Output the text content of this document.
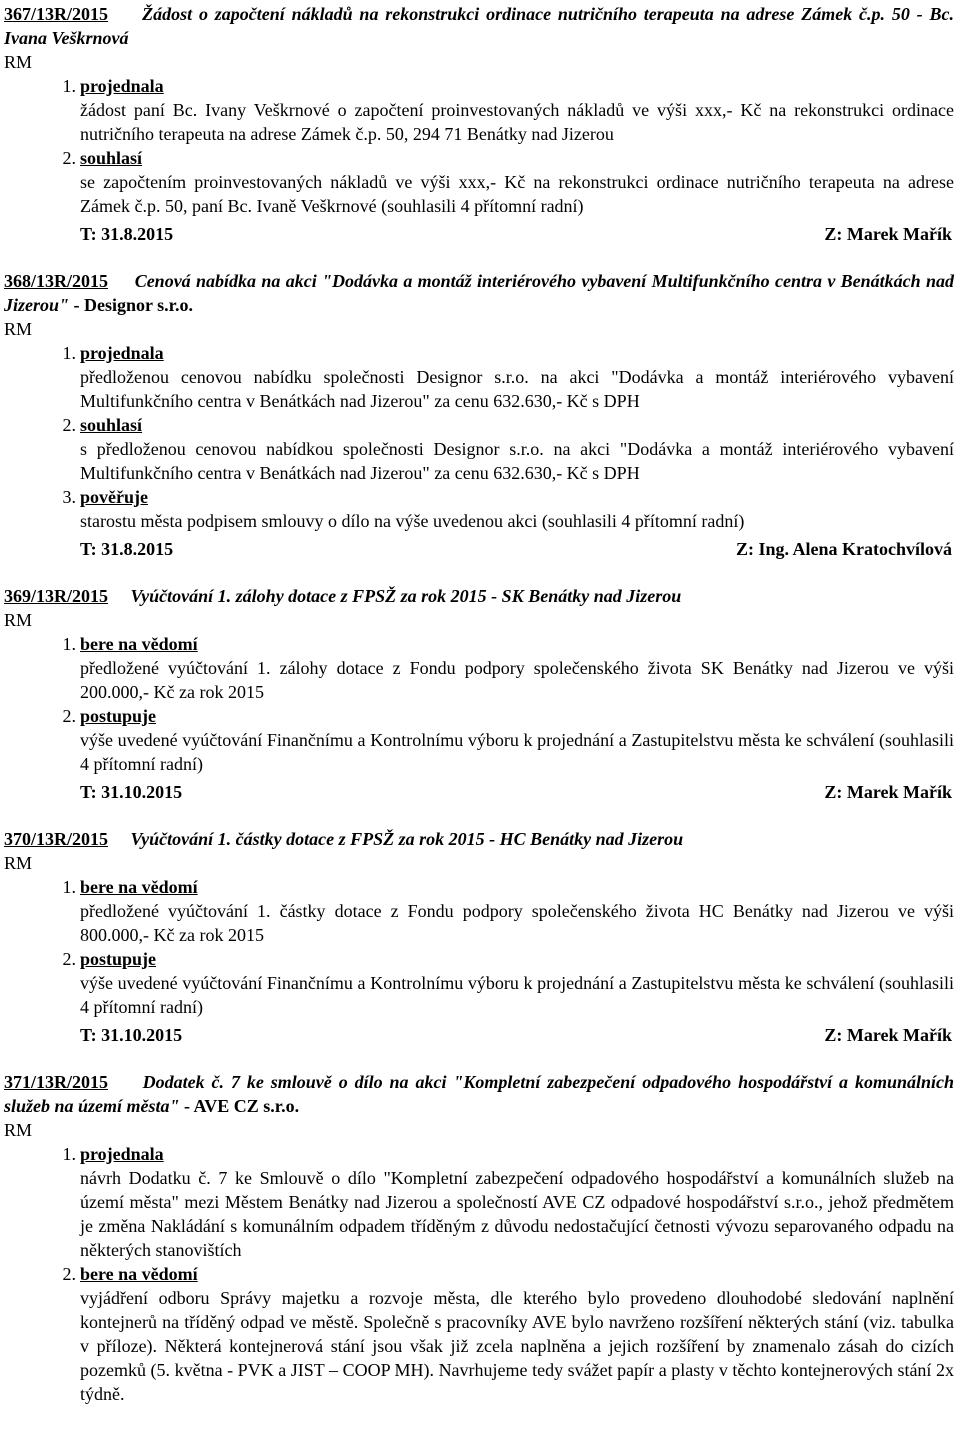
367/13R/2015 Žádost o započtení nákladů na rekonstrukci ordinace nutričního terapeuta na adrese Zámek č.p. 50 - Bc. Ivana Veškrnová

RM

1. projednala

žádost paní Bc. Ivany Veškrnové o započtení proinvestovaných nákladů ve výši xxx,- Kč na rekonstrukci ordinace nutričního terapeuta na adrese Zámek č.p. 50, 294 71 Benátky nad Jizerou

2. souhlasí

se započtením proinvestovaných nákladů ve výši xxx,- Kč na rekonstrukci ordinace nutričního terapeuta na adrese Zámek č.p. 50, paní Bc. Ivaně Veškrnové (souhlasili 4 přítomní radní)

T: 31.8.2015	Z: Marek Mařík

368/13R/2015 Cenová nabídka na akci "Dodávka a montáž interiérového vybavení Multifunkčního centra v Benátkách nad Jizerou" - Designor s.r.o.

RM

1. projednala

předloženou cenovou nabídku společnosti Designor s.r.o. na akci "Dodávka a montáž interiérového vybavení Multifunkčního centra v Benátkách nad Jizerou" za cenu 632.630,- Kč s DPH

2. souhlasí

s předloženou cenovou nabídkou společnosti Designor s.r.o. na akci "Dodávka a montáž interiérového vybavení Multifunkčního centra v Benátkách nad Jizerou" za cenu 632.630,- Kč s DPH

3. pověřuje

starostu města podpisem smlouvy o dílo na výše uvedenou akci (souhlasili 4 přítomní radní)

T: 31.8.2015	Z: Ing. Alena Kratochvílová

369/13R/2015 Vyúčtování 1. zálohy dotace z FPSŽ za rok 2015 - SK Benátky nad Jizerou

RM

1. bere na vědomí

předložené vyúčtování 1. zálohy dotace z Fondu podpory společenského života SK Benátky nad Jizerou ve výši 200.000,- Kč za rok 2015

2. postupuje

výše uvedené vyúčtování Finančnímu a Kontrolnímu výboru k projednání a Zastupitelstvu města ke schválení (souhlasili 4 přítomní radní)

T: 31.10.2015	Z: Marek Mařík

370/13R/2015 Vyúčtování 1. částky dotace z FPSŽ za rok 2015 - HC Benátky nad Jizerou

RM

1. bere na vědomí

předložené vyúčtování 1. částky dotace z Fondu podpory společenského života HC Benátky nad Jizerou ve výši 800.000,- Kč za rok 2015

2. postupuje

výše uvedené vyúčtování Finančnímu a Kontrolnímu výboru k projednání a Zastupitelstvu města ke schválení (souhlasili 4 přítomní radní)

T: 31.10.2015	Z: Marek Mařík

371/13R/2015 Dodatek č. 7 ke smlouvě o dílo na akci "Kompletní zabezpečení odpadového hospodářství a komunálních služeb na území města" - AVE CZ s.r.o.

RM

1. projednala

návrh Dodatku č. 7 ke Smlouvě o dílo "Kompletní zabezpečení odpadového hospodářství a komunálních služeb na území města" mezi Městem Benátky nad Jizerou a společností AVE CZ odpadové hospodářství s.r.o., jehož předmětem je změna Nakládání s komunálním odpadem tříděným z důvodu nedostačující četnosti vývozu separovaného odpadu na některých stanovištích

2. bere na vědomí

vyjádření odboru Správy majetku a rozvoje města, dle kterého bylo provedeno dlouhodobé sledování naplnění kontejnerů na tříděný odpad ve městě. Společně s pracovníky AVE bylo navrženo rozšíření některých stání (viz. tabulka v příloze). Některá kontejnerová stání jsou však již zcela naplněna a jejich rozšíření by znamenalo zásah do cizích pozemků (5. května - PVK a JIST – COOP MH). Navrhujeme tedy svážet papír a plasty v těchto kontejnerových stání 2x týdně.
